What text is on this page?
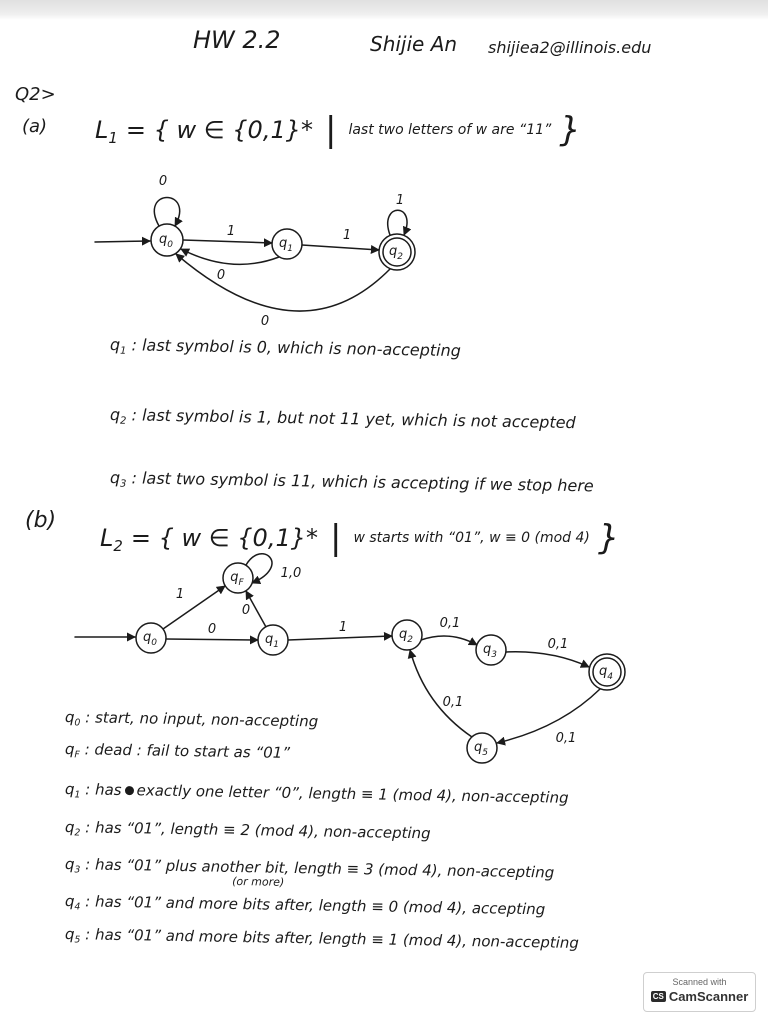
HW 2.2	Shijie An shijiea2@illinois.edu
Q2>
(a) $L_1$ = { w ∈ {0,1}* | last two letters of w are “11” }
0
1	1
1
0
0
$q_0$	$q_1$	$q_2$
$q_1$ : last symbol is 0, which is non-accepting
$q_2$ : last symbol is 1, but not 11 yet, which is not accepted
$q_3$ : last two symbol is 11, which is accepting if we stop here
(b)
$L_2$ = { w ∈ {0,1}* | w starts with “01”, w ≡ 0 (mod 4) }
1
1,0
0
0	1	0,1
0,1
0,1
0,1
$q_0$
$q_F$
$q_1$
$q_2$
$q_3$
$q_4$
$q_5$
$q_0$ : start, no input, non-accepting
$q_F$ : dead : fail to start as “01”
$q_1$ : has exactly one letter “0”, length ≡ 1 (mod 4), non-accepting
$q_2$ : has “01”, length ≡ 2 (mod 4), non-accepting
$q_3$ : has “01” plus another bit
(or more)
, length ≡ 3 (mod 4), non-accepting
$q_4$ : has “01” and more bits after, length ≡ 0 (mod 4), accepting
$q_5$ : has “01” and more bits after, length ≡ 1 (mod 4), non-accepting
Scanned with
CS CamScanner
